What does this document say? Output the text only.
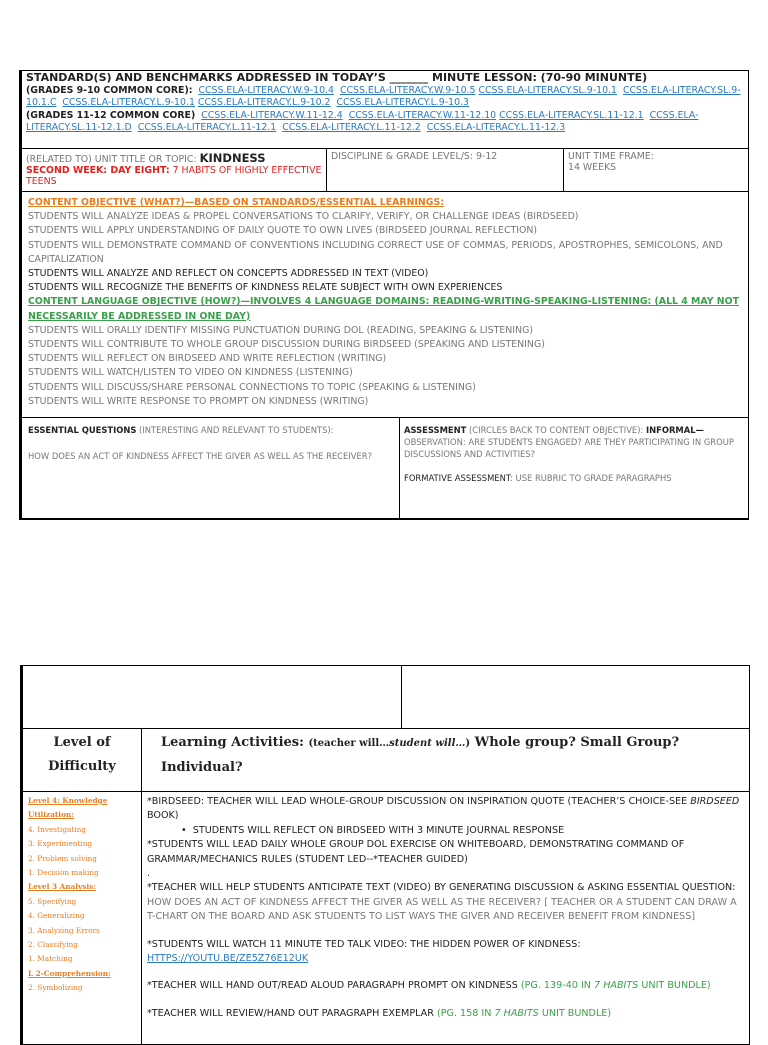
STANDARD(S) AND BENCHMARKS ADDRESSED IN TODAY’S _______ MINUTE LESSON: (70-90 MINUNTE)
(GRADES 9-10 COMMON CORE): CCSS.ELA-LITERACY.W.9-10.4 CCSS.ELA-LITERACY.W.9-10.5 CCSS.ELA-LITERACY.SL.9-10.1 CCSS.ELA-LITERACY.SL.9-10.1.C CCSS.ELA-LITERACY.L.9-10.1 CCSS.ELA-LITERACY.L.9-10.2 CCSS.ELA-LITERACY.L.9-10.3
(GRADES 11-12 COMMON CORE) CCSS.ELA-LITERACY.W.11-12.4 CCSS.ELA-LITERACY.W.11-12.10 CCSS.ELA-LITERACY.SL.11-12.1 CCSS.ELA-LITERACY.SL.11-12.1.D CCSS.ELA-LITERACY.L.11-12.1 CCSS.ELA-LITERACY.L.11-12.2 CCSS.ELA-LITERACY.L.11-12.3
(RELATED TO) UNIT TITLE OR TOPIC: KINDNESS
SECOND WEEK: DAY EIGHT: 7 HABITS OF HIGHLY EFFECTIVE TEENS
DISCIPLINE & GRADE LEVEL/S: 9-12	UNIT TIME FRAME:
14 WEEKS
CONTENT OBJECTIVE (WHAT?)—BASED ON STANDARDS/ESSENTIAL LEARNINGS:
STUDENTS WILL ANALYZE IDEAS & PROPEL CONVERSATIONS TO CLARIFY, VERIFY, OR CHALLENGE IDEAS (BIRDSEED)
STUDENTS WILL APPLY UNDERSTANDING OF DAILY QUOTE TO OWN LIVES (BIRDSEED JOURNAL REFLECTION)
STUDENTS WILL DEMONSTRATE COMMAND OF CONVENTIONS INCLUDING CORRECT USE OF COMMAS, PERIODS, APOSTROPHES, SEMICOLONS, AND CAPITALIZATION
STUDENTS WILL ANALYZE AND REFLECT ON CONCEPTS ADDRESSED IN TEXT (VIDEO)
STUDENTS WILL RECOGNIZE THE BENEFITS OF KINDNESS RELATE SUBJECT WITH OWN EXPERIENCES
CONTENT LANGUAGE OBJECTIVE (HOW?)—INVOLVES 4 LANGUAGE DOMAINS: READING-WRITING-SPEAKING-LISTENING: (ALL 4 MAY NOT NECESSARILY BE ADDRESSED IN ONE DAY)
STUDENTS WILL ORALLY IDENTIFY MISSING PUNCTUATION DURING DOL (READING, SPEAKING & LISTENING)
STUDENTS WILL CONTRIBUTE TO WHOLE GROUP DISCUSSION DURING BIRDSEED (SPEAKING AND LISTENING)
STUDENTS WILL REFLECT ON BIRDSEED AND WRITE REFLECTION (WRITING)
STUDENTS WILL WATCH/LISTEN TO VIDEO ON KINDNESS (LISTENING)
STUDENTS WILL DISCUSS/SHARE PERSONAL CONNECTIONS TO TOPIC (SPEAKING & LISTENING)
STUDENTS WILL WRITE RESPONSE TO PROMPT ON KINDNESS (WRITING)
ESSENTIAL QUESTIONS (INTERESTING AND RELEVANT TO STUDENTS):

HOW DOES AN ACT OF KINDNESS AFFECT THE GIVER AS WELL AS THE RECEIVER?
ASSESSMENT (CIRCLES BACK TO CONTENT OBJECTIVE): INFORMAL— OBSERVATION: ARE STUDENTS ENGAGED? ARE THEY PARTICIPATING IN GROUP DISCUSSIONS AND ACTIVITIES?

FORMATIVE ASSESSMENT: USE RUBRIC TO GRADE PARAGRAPHS
Level of Difficulty
Learning Activities: (teacher will…student will…) Whole group? Small Group? Individual?
Level 4: Knowledge Utilization:
4. Investigating
3. Experimenting
2. Problem solving
1. Decision making
Level 3 Analysis:
5. Specifying
4. Generalizing
3. Analyzing Errors
2. Classifying
1. Matching
L 2-Comprehension:
2. Symbolizing
*BIRDSEED: TEACHER WILL LEAD WHOLE-GROUP DISCUSSION ON INSPIRATION QUOTE (TEACHER’S CHOICE-SEE BIRDSEED BOOK)
•  STUDENTS WILL REFLECT ON BIRDSEED WITH 3 MINUTE JOURNAL RESPONSE
*STUDENTS WILL LEAD DAILY WHOLE GROUP DOL EXERCISE ON WHITEBOARD, DEMONSTRATING COMMAND OF GRAMMAR/MECHANICS RULES (STUDENT LED--*TEACHER GUIDED)
.
*TEACHER WILL HELP STUDENTS ANTICIPATE TEXT (VIDEO) BY GENERATING DISCUSSION & ASKING ESSENTIAL QUESTION:
HOW DOES AN ACT OF KINDNESS AFFECT THE GIVER AS WELL AS THE RECEIVER? [ TEACHER OR A STUDENT CAN DRAW A T-CHART ON THE BOARD AND ASK STUDENTS TO LIST WAYS THE GIVER AND RECEIVER BENEFIT FROM KINDNESS]
*STUDENTS WILL WATCH 11 MINUTE TED TALK VIDEO: THE HIDDEN POWER OF KINDNESS: HTTPS://YOUTU.BE/ZE5Z76E12UK
*TEACHER WILL HAND OUT/READ ALOUD PARAGRAPH PROMPT ON KINDNESS (PG. 139-40 IN 7 HABITS UNIT BUNDLE)
*TEACHER WILL REVIEW/HAND OUT PARAGRAPH EXEMPLAR (PG. 158 IN 7 HABITS UNIT BUNDLE)
